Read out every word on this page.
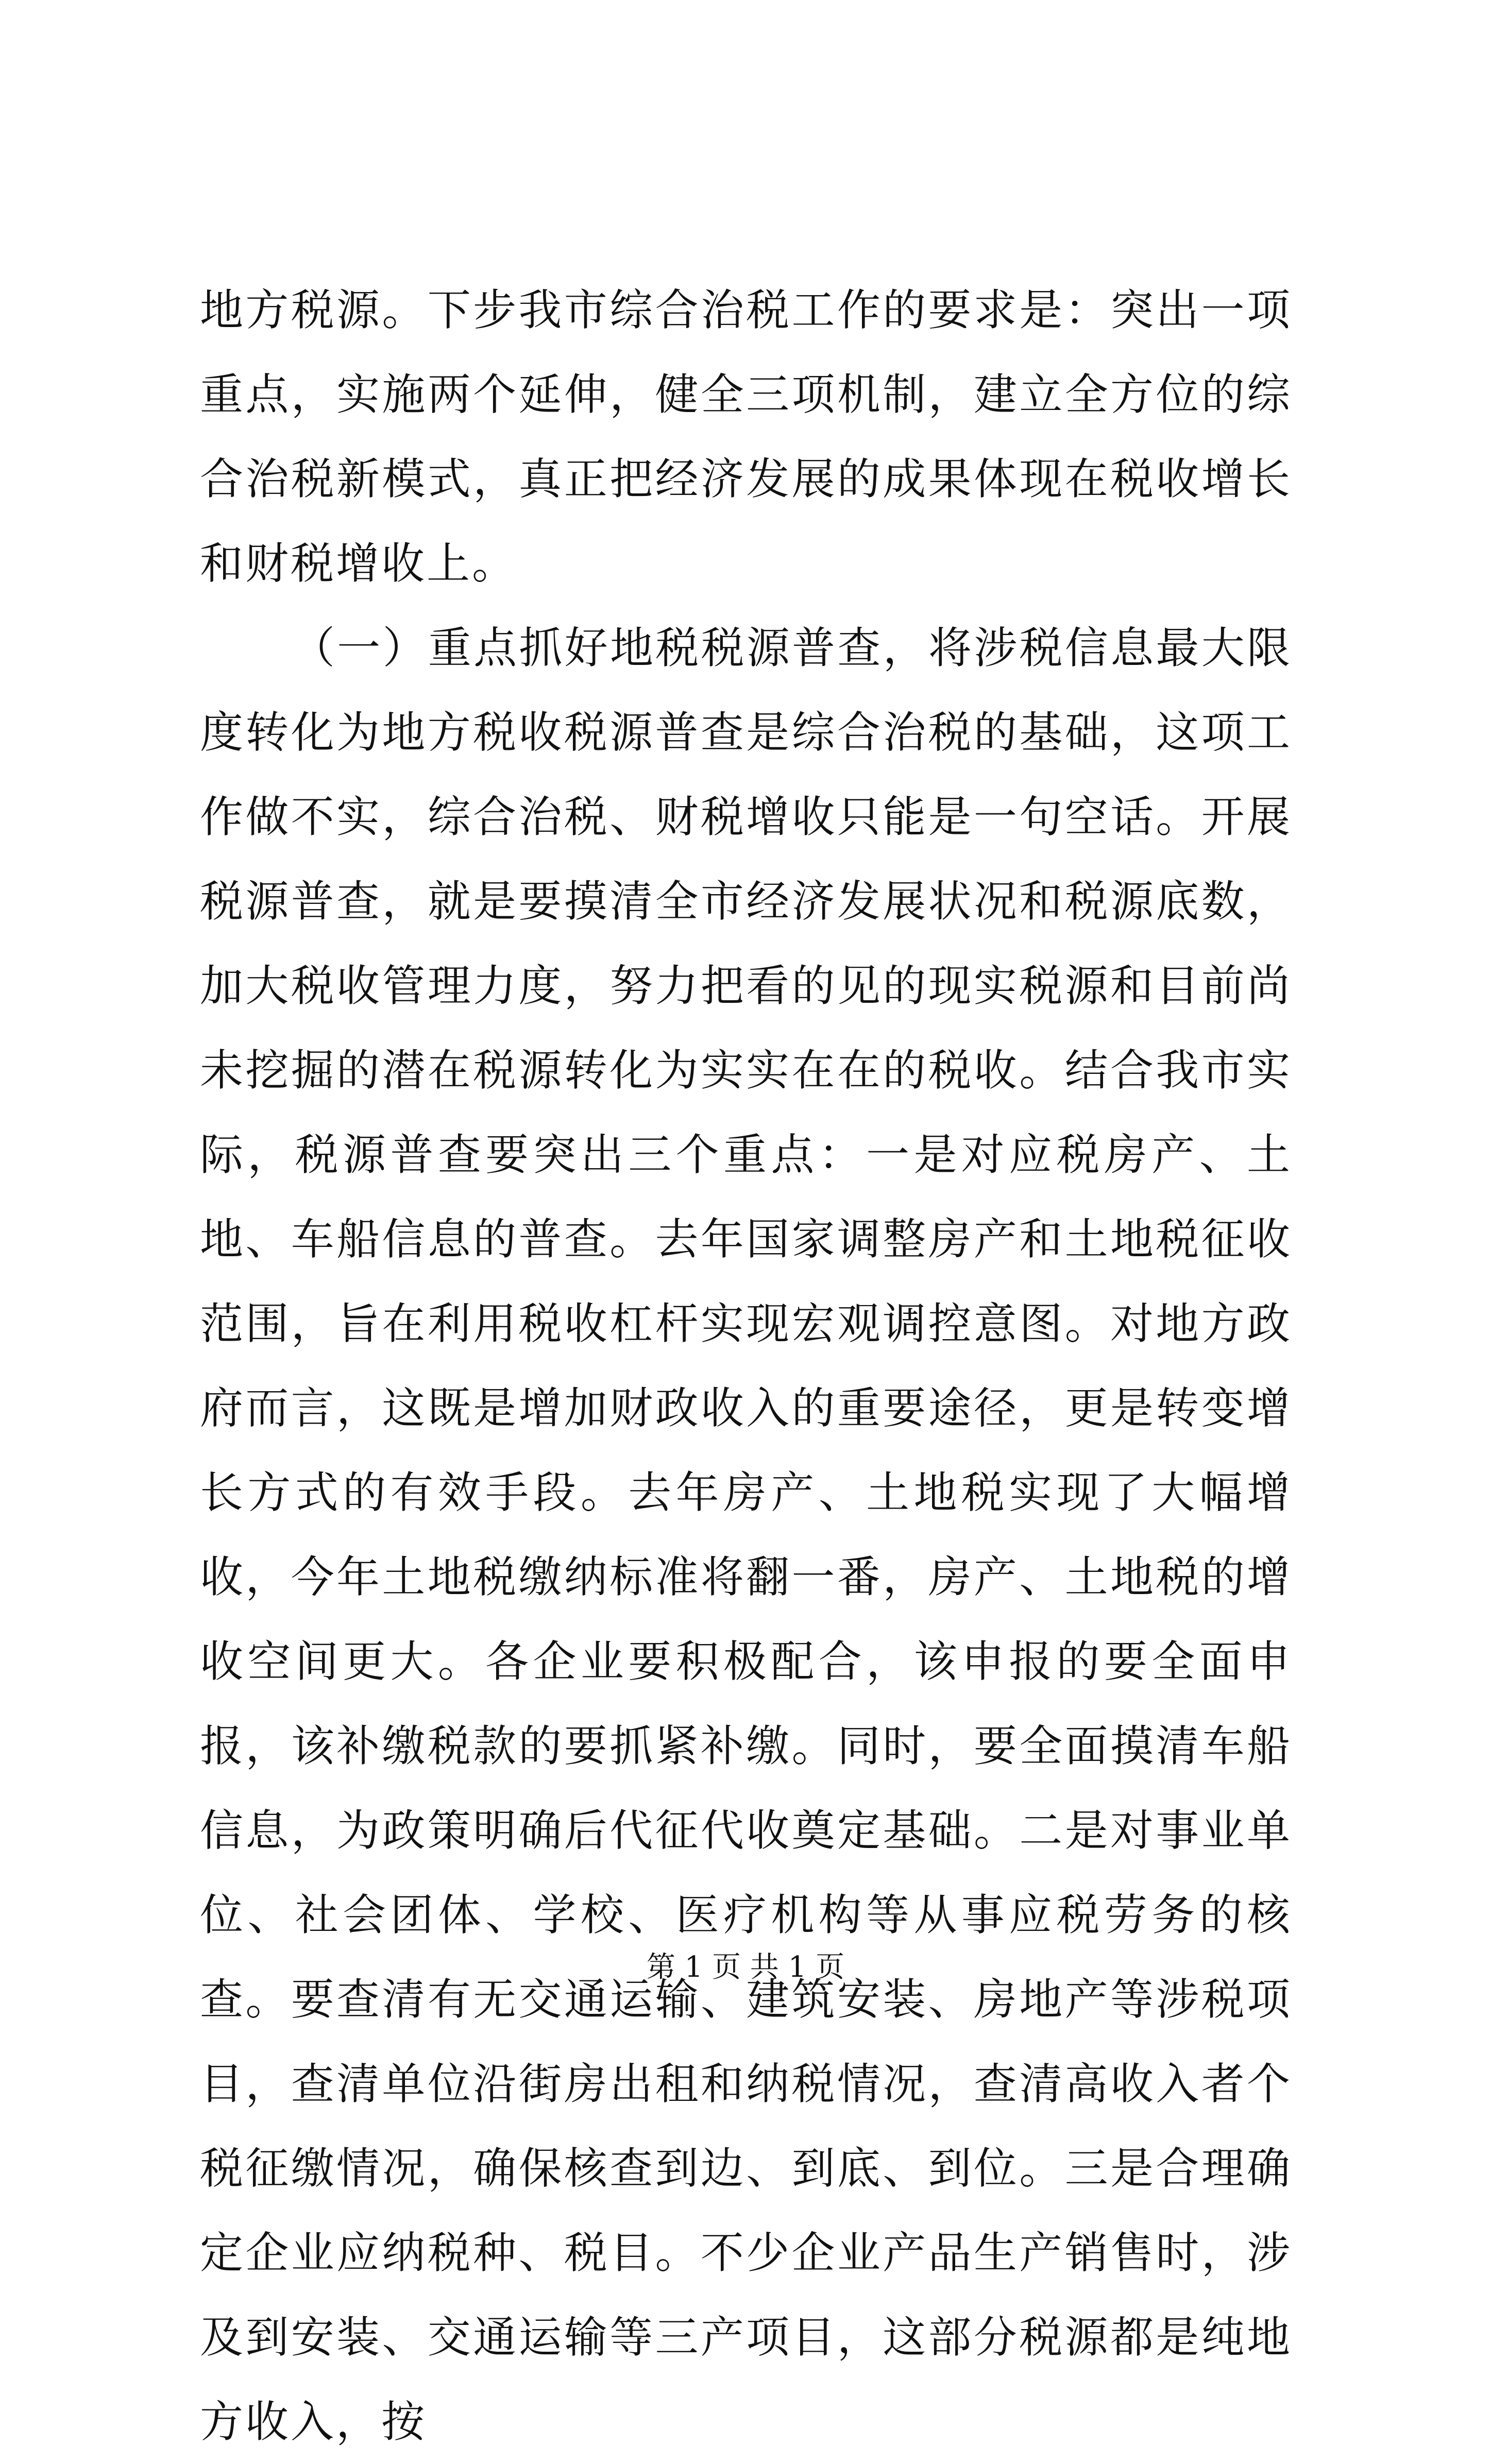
地方税源。下步我市综合治税工作的要求是：突出一项重点，实施两个延伸，健全三项机制，建立全方位的综合治税新模式，真正把经济发展的成果体现在税收增长和财税增收上。

（一）重点抓好地税税源普查，将涉税信息最大限度转化为地方税收税源普查是综合治税的基础，这项工作做不实，综合治税、财税增收只能是一句空话。开展税源普查，就是要摸清全市经济发展状况和税源底数，加大税收管理力度，努力把看的见的现实税源和目前尚未挖掘的潜在税源转化为实实在在的税收。结合我市实际，税源普查要突出三个重点：一是对应税房产、土地、车船信息的普查。去年国家调整房产和土地税征收范围，旨在利用税收杠杆实现宏观调控意图。对地方政府而言，这既是增加财政收入的重要途径，更是转变增长方式的有效手段。去年房产、土地税实现了大幅增收，今年土地税缴纳标准将翻一番，房产、土地税的增收空间更大。各企业要积极配合，该申报的要全面申报，该补缴税款的要抓紧补缴。同时，要全面摸清车船信息，为政策明确后代征代收奠定基础。二是对事业单位、社会团体、学校、医疗机构等从事应税劳务的核查。要查清有无交通运输、建筑安装、房地产等涉税项目，查清单位沿街房出租和纳税情况，查清高收入者个税征缴情况，确保核查到边、到底、到位。三是合理确定企业应纳税种、税目。不少企业产品生产销售时，涉及到安装、交通运输等三产项目，这部分税源都是纯地方收入，按

第 1 页 共 1 页
